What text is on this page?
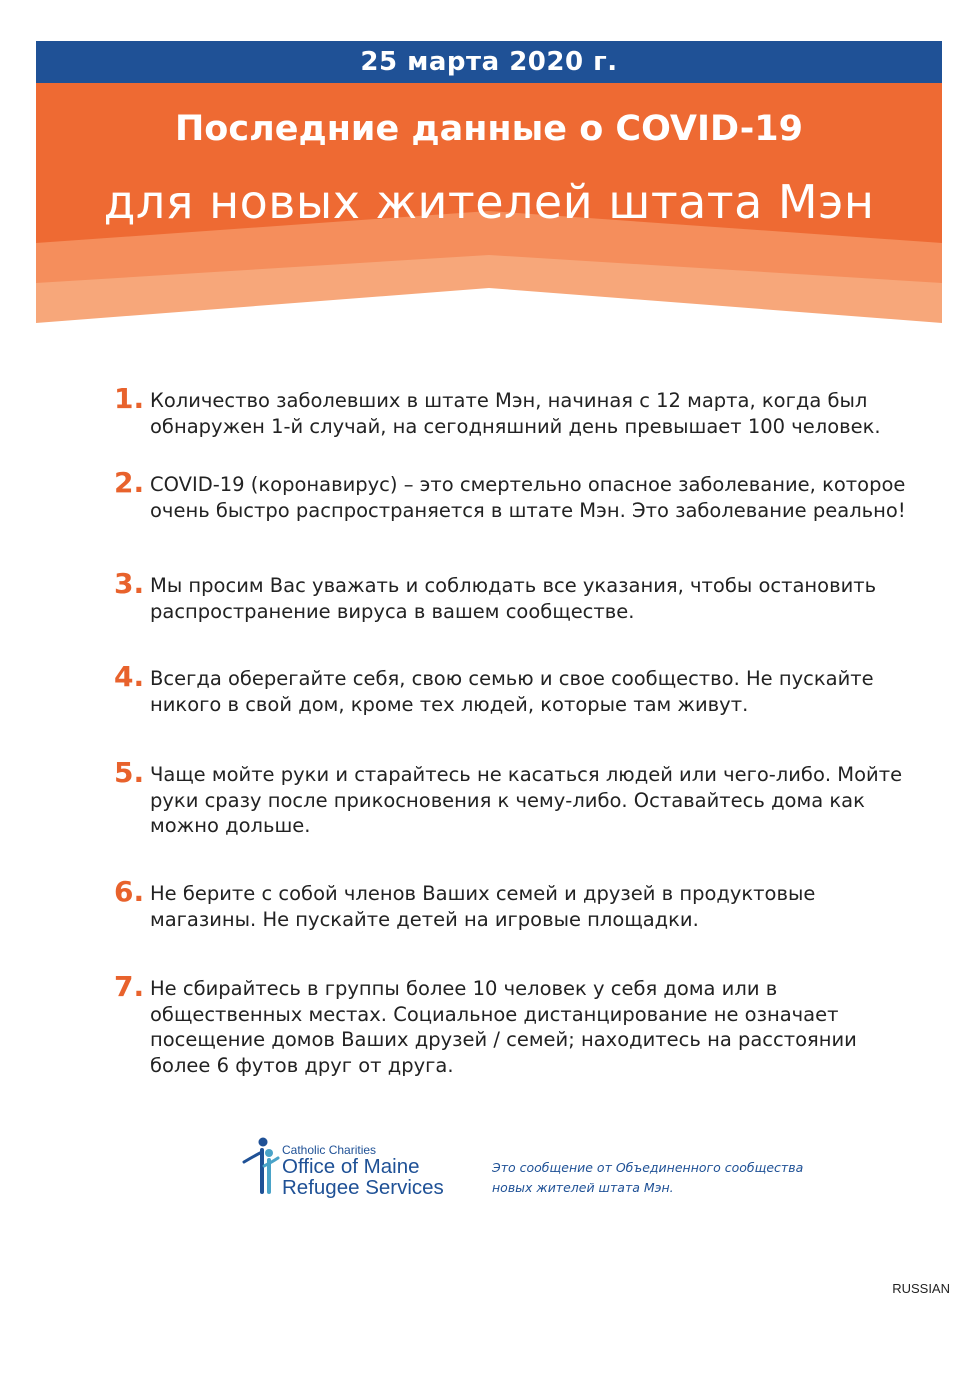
25 марта 2020 г.
Последние данные о COVID-19
для новых жителей штата Мэн
1. Количество заболевших в штате Мэн, начиная с 12 марта, когда был обнаружен 1-й случай, на сегодняшний день превышает 100 человек.
2. COVID-19 (коронавирус) – это смертельно опасное заболевание, которое очень быстро распространяется в штате Мэн. Это заболевание реально!
3. Мы просим Вас уважать и соблюдать все указания, чтобы остановить распространение вируса в вашем сообществе.
4. Всегда оберегайте себя, свою семью и свое сообщество. Не пускайте никого в свой дом, кроме тех людей, которые там живут.
5. Чаще мойте руки и старайтесь не касаться людей или чего-либо. Мойте руки сразу после прикосновения к чему-либо. Оставайтесь дома как можно дольше.
6. Не берите с собой членов Ваших семей и друзей в продуктовые магазины. Не пускайте детей на игровые площадки.
7. Не сбирайтесь в группы более 10 человек у себя дома или в общественных местах. Социальное дистанцирование не означает посещение домов Ваших друзей / семей; находитесь на расстоянии более 6 футов друг от друга.
Catholic Charities
Office of Maine
Refugee Services
Это сообщение от Объединенного сообщества новых жителей штата Мэн.
RUSSIAN
